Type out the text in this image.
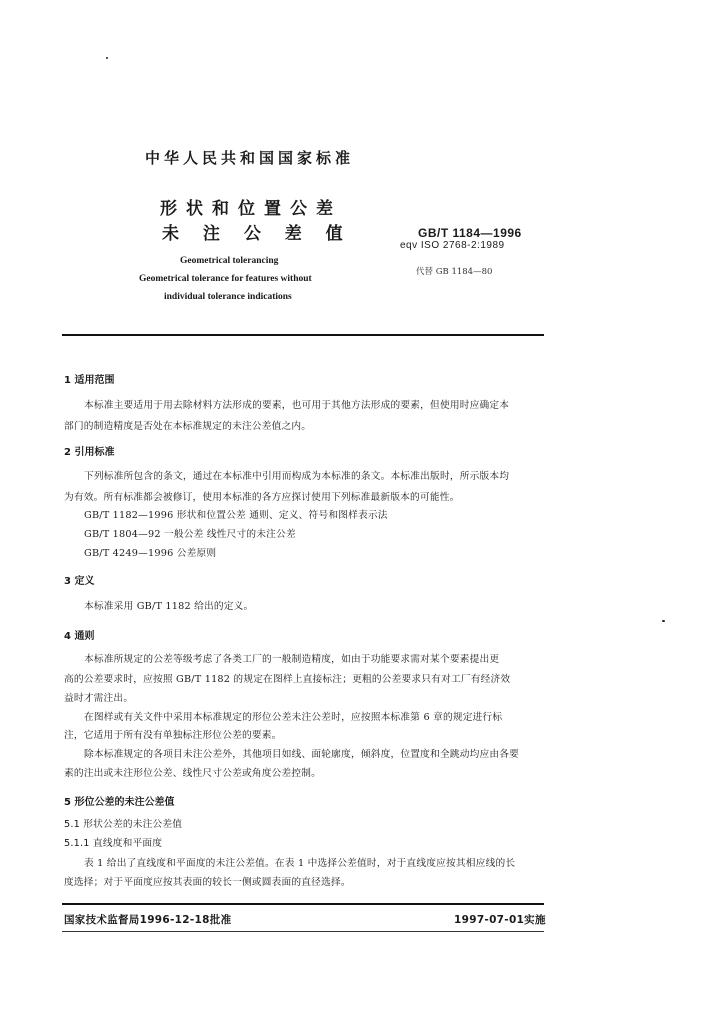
中华人民共和国国家标准
形状和位置公差
未 注 公 差 值
Geometrical tolerancing
Geometrical tolerance for features without
individual tolerance indications
GB/T 1184—1996
eqv ISO 2768-2:1989
代替 GB 1184—80
1 适用范围
本标准主要适用于用去除材料方法形成的要素，也可用于其他方法形成的要素，但使用时应确定本
部门的制造精度是否处在本标准规定的未注公差值之内。
2 引用标准
下列标准所包含的条文，通过在本标准中引用而构成为本标准的条文。本标准出版时，所示版本均
为有效。所有标准都会被修订，使用本标准的各方应探讨使用下列标准最新版本的可能性。
GB/T 1182—1996 形状和位置公差 通则、定义、符号和图样表示法
GB/T 1804—92 一般公差 线性尺寸的未注公差
GB/T 4249—1996 公差原则
3 定义
本标准采用 GB/T 1182 给出的定义。
4 通则
本标准所规定的公差等级考虑了各类工厂的一般制造精度，如由于功能要求需对某个要素提出更
高的公差要求时，应按照 GB/T 1182 的规定在图样上直接标注；更粗的公差要求只有对工厂有经济效
益时才需注出。
在图样或有关文件中采用本标准规定的形位公差未注公差时，应按照本标准第 6 章的规定进行标
注，它适用于所有没有单独标注形位公差的要素。
除本标准规定的各项目未注公差外，其他项目如线、面轮廓度，倾斜度，位置度和全跳动均应由各要
素的注出或未注形位公差、线性尺寸公差或角度公差控制。
5 形位公差的未注公差值
5.1 形状公差的未注公差值
5.1.1 直线度和平面度
表 1 给出了直线度和平面度的未注公差值。在表 1 中选择公差值时，对于直线度应按其相应线的长
度选择；对于平面度应按其表面的较长一侧或圆表面的直径选择。
国家技术监督局1996-12-18批准	1997-07-01实施
